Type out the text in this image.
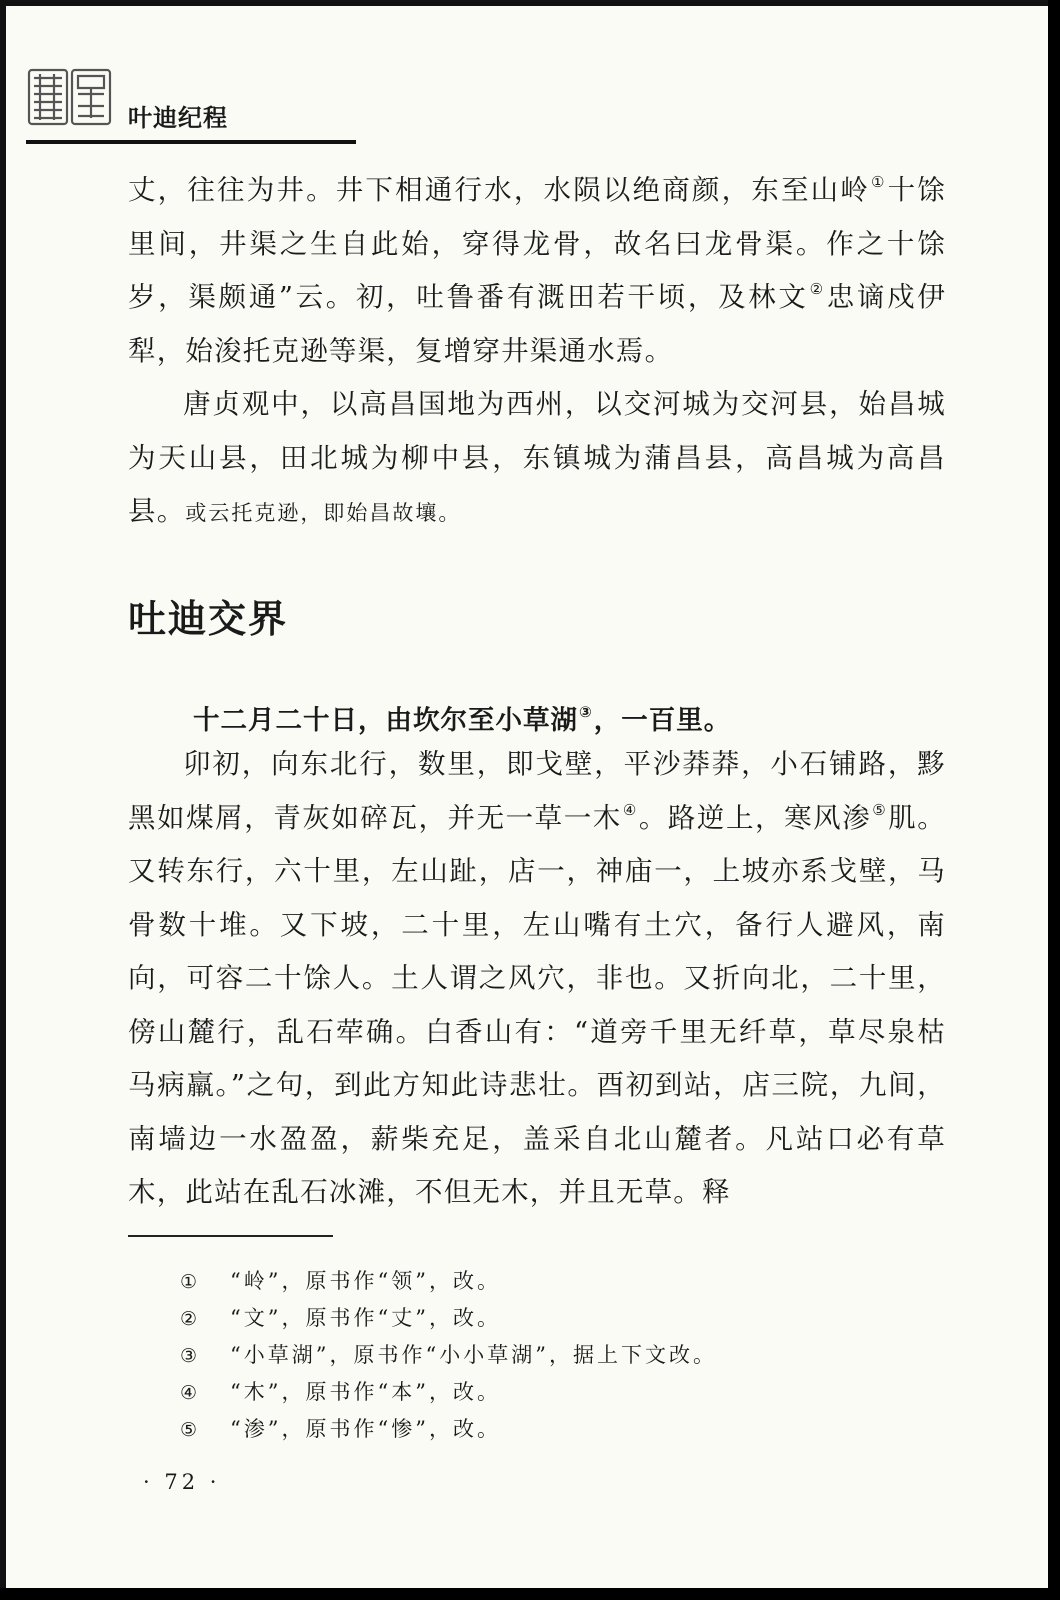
叶迪纪程

丈，往往为井。井下相通行水，水陨以绝商颜，东至山岭①十馀里间，井渠之生自此始，穿得龙骨，故名曰龙骨渠。作之十馀岁，渠颇通”云。初，吐鲁番有溉田若干顷，及林文②忠谪戍伊犁，始浚托克逊等渠，复增穿井渠通水焉。

唐贞观中，以高昌国地为西州，以交河城为交河县，始昌城为天山县，田北城为柳中县，东镇城为蒲昌县，高昌城为高昌县。或云托克逊，即始昌故壤。

吐迪交界

十二月二十日，由坎尔至小草湖③，一百里。

卯初，向东北行，数里，即戈壁，平沙莽莽，小石铺路，黟黑如煤屑，青灰如碎瓦，并无一草一木④。路逆上，寒风渗⑤肌。又转东行，六十里，左山趾，店一，神庙一，上坡亦系戈壁，马骨数十堆。又下坡，二十里，左山嘴有土穴，备行人避风，南向，可容二十馀人。土人谓之风穴，非也。又折向北，二十里，傍山麓行，乱石荦确。白香山有：“道旁千里无纤草，草尽泉枯马病羸。”之句，到此方知此诗悲壮。酉初到站，店三院，九间，南墙边一水盈盈，薪柴充足，盖采自北山麓者。凡站口必有草木，此站在乱石冰滩，不但无木，并且无草。释

①	“岭”，原书作“领”，改。
②	“文”，原书作“丈”，改。
③	“小草湖”，原书作“小小草湖”，据上下文改。
④	“木”，原书作“本”，改。
⑤	“渗”，原书作“惨”，改。
· 72 ·
